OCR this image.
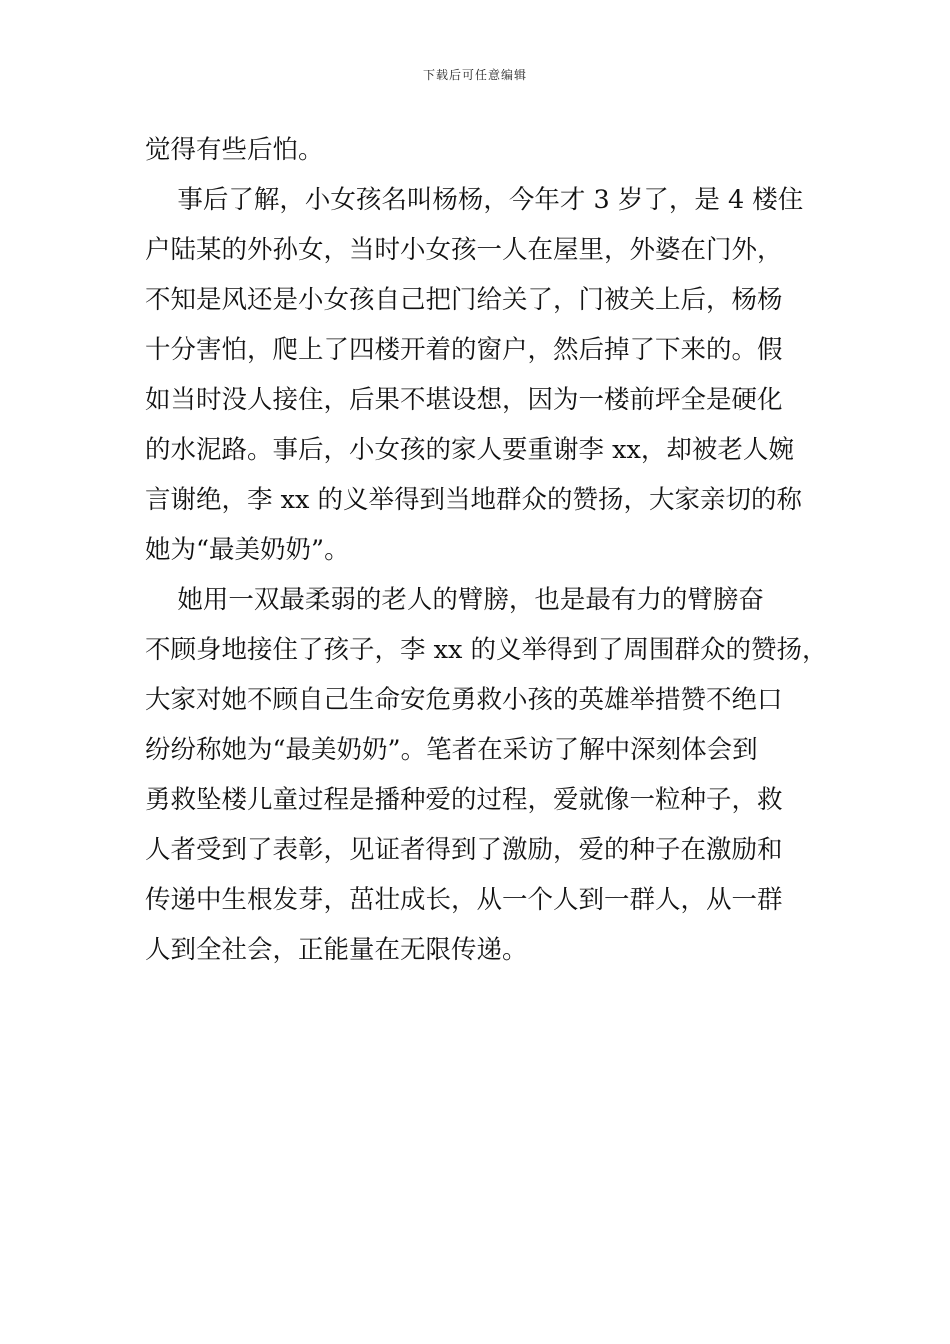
下载后可任意编辑
觉得有些后怕。
事后了解，小女孩名叫杨杨，今年才 3 岁了，是 4 楼住
户陆某的外孙女，当时小女孩一人在屋里，外婆在门外，
不知是风还是小女孩自己把门给关了，门被关上后，杨杨
十分害怕，爬上了四楼开着的窗户，然后掉了下来的。假
如当时没人接住，后果不堪设想，因为一楼前坪全是硬化
的水泥路。事后，小女孩的家人要重谢李 xx，却被老人婉
言谢绝，李 xx 的义举得到当地群众的赞扬，大家亲切的称
她为“最美奶奶”。
她用一双最柔弱的老人的臂膀，也是最有力的臂膀奋
不顾身地接住了孩子，李 xx 的义举得到了周围群众的赞扬，
大家对她不顾自己生命安危勇救小孩的英雄举措赞不绝口
纷纷称她为“最美奶奶”。笔者在采访了解中深刻体会到
勇救坠楼儿童过程是播种爱的过程，爱就像一粒种子，救
人者受到了表彰，见证者得到了激励，爱的种子在激励和
传递中生根发芽，茁壮成长，从一个人到一群人，从一群
人到全社会，正能量在无限传递。
